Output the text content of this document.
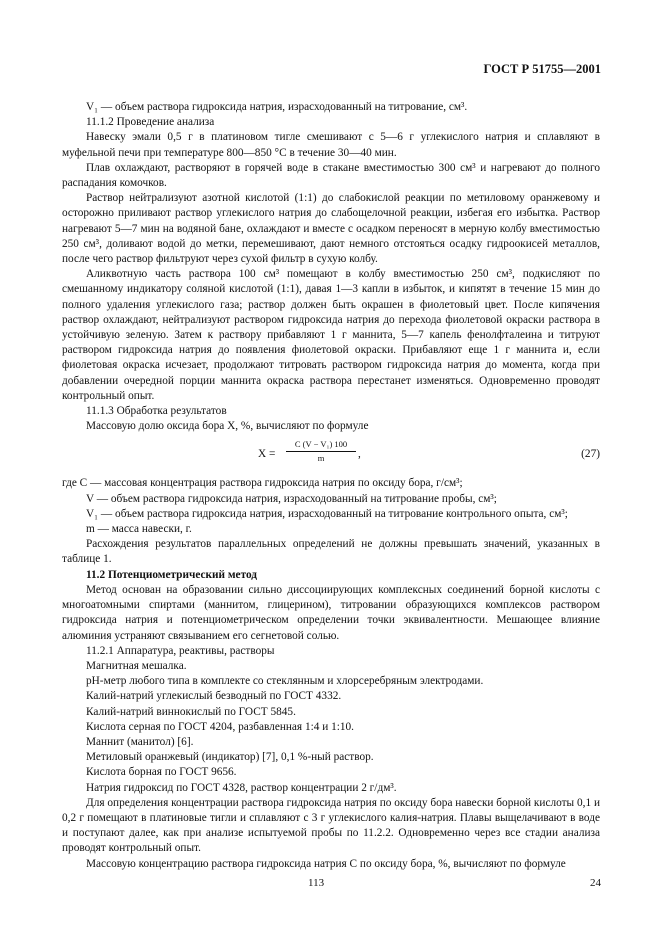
ГОСТ Р 51755—2001

V₁ — объем раствора гидроксида натрия, израсходованный на титрование, см³.

11.1.2 Проведение анализа

Навеску эмали 0,5 г в платиновом тигле смешивают с 5—6 г углекислого натрия и сплавляют в муфельной печи при температуре 800—850 °С в течение 30—40 мин.

Плав охлаждают, растворяют в горячей воде в стакане вместимостью 300 см³ и нагревают до полного распадания комочков.

Раствор нейтрализуют азотной кислотой (1:1) до слабокислой реакции по метиловому оранжевому и осторожно приливают раствор углекислого натрия до слабощелочной реакции, избегая его избытка. Раствор нагревают 5—7 мин на водяной бане, охлаждают и вместе с осадком переносят в мерную колбу вместимостью 250 см³, доливают водой до метки, перемешивают, дают немного отстояться осадку гидроокисей металлов, после чего раствор фильтруют через сухой фильтр в сухую колбу.

Аликвотную часть раствора 100 см³ помещают в колбу вместимостью 250 см³, подкисляют по смешанному индикатору соляной кислотой (1:1), давая 1—3 капли в избыток, и кипятят в течение 15 мин до полного удаления углекислого газа; раствор должен быть окрашен в фиолетовый цвет. После кипячения раствор охлаждают, нейтрализуют раствором гидроксида натрия до перехода фиолетовой окраски раствора в устойчивую зеленую. Затем к раствору прибавляют 1 г маннита, 5—7 капель фенолфталеина и титруют раствором гидроксида натрия до появления фиолетовой окраски. Прибавляют еще 1 г маннита и, если фиолетовая окраска исчезает, продолжают титровать раствором гидроксида натрия до момента, когда при добавлении очередной порции маннита окраска раствора перестанет изменяться. Одновременно проводят контрольный опыт.

11.1.3 Обработка результатов

Массовую долю оксида бора X, %, вычисляют по формуле

$X = \frac{\text{C (V − V₁) 100}}{m}$ ,	(27)

где C — массовая концентрация раствора гидроксида натрия по оксиду бора, г/см³;

V — объем раствора гидроксида натрия, израсходованный на титрование пробы, см³;

V₁ — объем раствора гидроксида натрия, израсходованный на титрование контрольного опыта, см³;

m — масса навески, г.

Расхождения результатов параллельных определений не должны превышать значений, указанных в таблице 1.

11.2 Потенциометрический метод

Метод основан на образовании сильно диссоциирующих комплексных соединений борной кислоты с многоатомными спиртами (маннитом, глицерином), титровании образующихся комплексов раствором гидроксида натрия и потенциометрическом определении точки эквивалентности. Мешающее влияние алюминия устраняют связыванием его сегнетовой солью.

11.2.1 Аппаратура, реактивы, растворы

Магнитная мешалка.

pH-метр любого типа в комплекте со стеклянным и хлорсеребряным электродами.

Калий-натрий углекислый безводный по ГОСТ 4332.

Калий-натрий виннокислый по ГОСТ 5845.

Кислота серная по ГОСТ 4204, разбавленная 1:4 и 1:10.

Маннит (манитол) [6].

Метиловый оранжевый (индикатор) [7], 0,1 %-ный раствор.

Кислота борная по ГОСТ 9656.

Натрия гидроксид по ГОСТ 4328, раствор концентрации 2 г/дм³.

Для определения концентрации раствора гидроксида натрия по оксиду бора навески борной кислоты 0,1 и 0,2 г помещают в платиновые тигли и сплавляют с 3 г углекислого калия-натрия. Плавы выщелачивают в воде и поступают далее, как при анализе испытуемой пробы по 11.2.2. Одновременно через все стадии анализа проводят контрольный опыт.

Массовую концентрацию раствора гидроксида натрия C по оксиду бора, %, вычисляют по формуле

113	24
